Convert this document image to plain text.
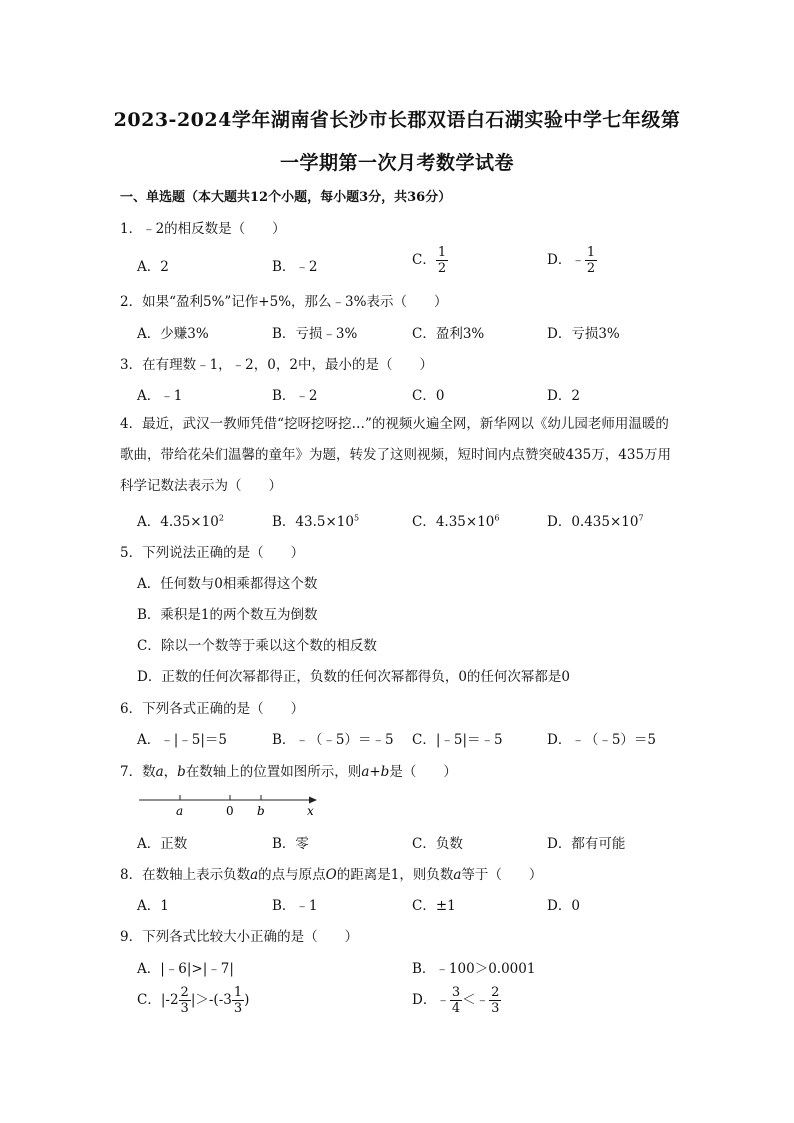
2023-2024学年湖南省长沙市长郡双语白石湖实验中学七年级第
一学期第一次月考数学试卷
一、单选题（本大题共12个小题，每小题3分，共36分）
1．﹣2的相反数是（　　）
A．2	B．﹣2	C． $\frac{1}{2}$	D．﹣ $\frac{1}{2}$
2．如果“盈利5%”记作+5%，那么﹣3%表示（　　）
A．少赚3%	B．亏损﹣3%	C．盈利3%	D．亏损3%
3．在有理数﹣1，﹣2，0，2中，最小的是（　　）
A．﹣1	B．﹣2	C．0	D．2
4．最近，武汉一教师凭借“挖呀挖呀挖…”的视频火遍全网，新华网以《幼儿园老师用温暖的歌曲，带给花朵们温馨的童年》为题，转发了这则视频，短时间内点赞突破435万，435万用科学记数法表示为（　　）
A．$4.35\times 10^2$	B．$43.5\times 10^5$	C．$4.35\times 10^6$	D．$0.435\times 10^7$
5．下列说法正确的是（　　）
A．任何数与0相乘都得这个数
B．乘积是1的两个数互为倒数
C．除以一个数等于乘以这个数的相反数
D．正数的任何次幂都得正，负数的任何次幂都得负，0的任何次幂都是0
6．下列各式正确的是（　　）
A．﹣|﹣5|＝5	B．﹣（﹣5）＝﹣5 C．|﹣5|＝﹣5	D．﹣（﹣5）＝5
7．数a，b在数轴上的位置如图所示，则a+b是（　　）
a	0 b	x
A．正数	B．零	C．负数	D．都有可能
8．在数轴上表示负数a的点与原点O的距离是1，则负数a等于（　　）
A．1	B．﹣1	C．±1	D．0
9．下列各式比较大小正确的是（　　）
A．|﹣6|>|﹣7|	B．﹣100＞0.0001
C．$|-2 \frac{2}{3} |>-(-3 \frac{1}{3}$ )	D．﹣ $\frac{3}{4}$ ＜﹣ $\frac{2}{3}$
